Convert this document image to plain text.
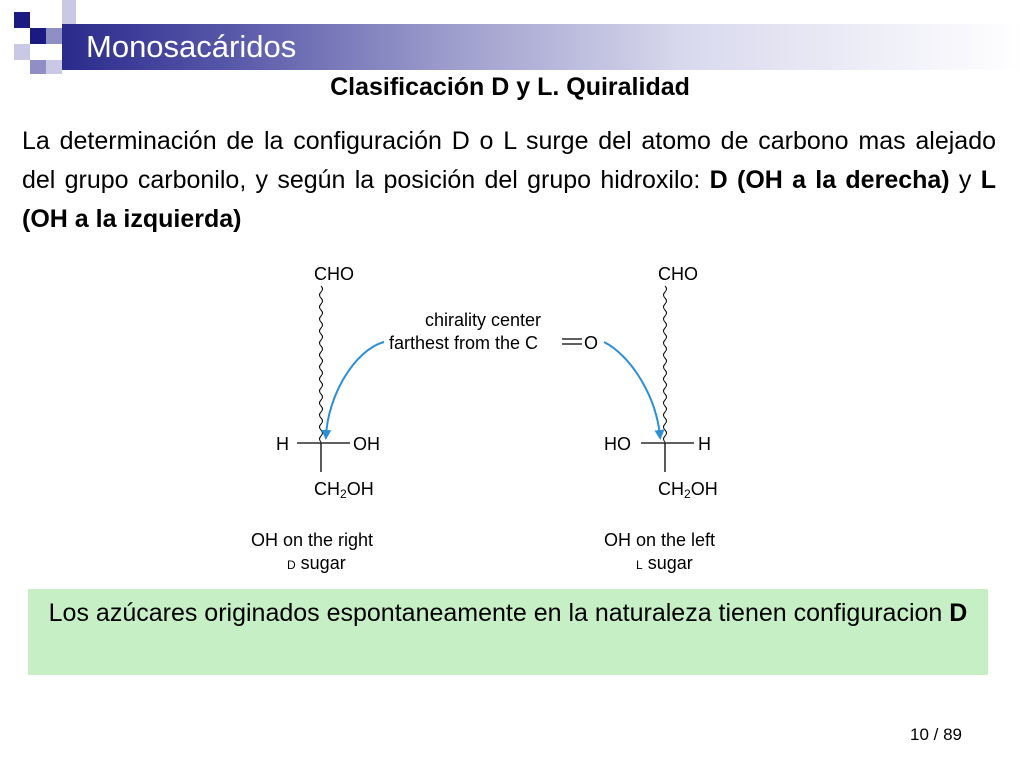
Monosacáridos
Clasificación D y L. Quiralidad

La determinación de la configuración D o L surge del atomo de carbono mas alejado del grupo carbonilo, y según la posición del grupo hidroxilo: D (OH a la derecha) y L (OH a la izquierda)

CHO
H	OH
$CH_2OH$
OH on the right
D sugar
CHO
HO	H
$CH_2OH$
OH on the left
L sugar
chirality center
farthest from the C	O
Los azúcares originados espontaneamente en la naturaleza tienen configuracion D
10 / 89
